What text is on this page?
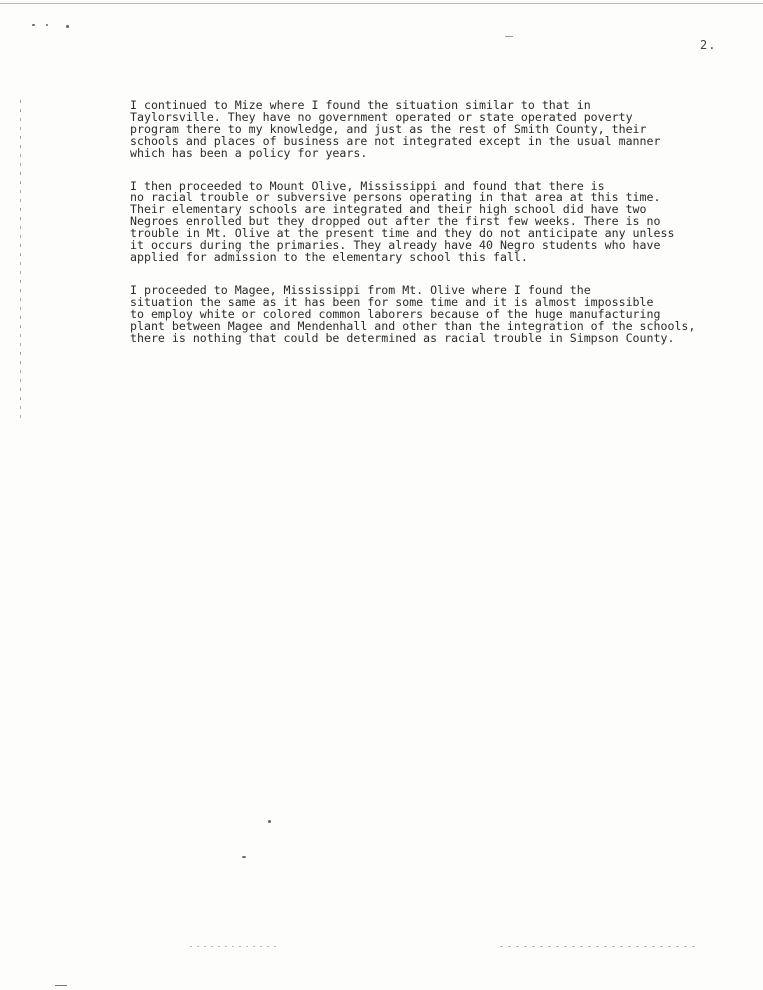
2.

I continued to Mize where I found the situation similar to that in
Taylorsville. They have no government operated or state operated poverty
program there to my knowledge, and just as the rest of Smith County, their
schools and places of business are not integrated except in the usual manner
which has been a policy for years.

I then proceeded to Mount Olive, Mississippi and found that there is
no racial trouble or subversive persons operating in that area at this time.
Their elementary schools are integrated and their high school did have two
Negroes enrolled but they dropped out after the first few weeks. There is no
trouble in Mt. Olive at the present time and they do not anticipate any unless
it occurs during the primaries. They already have 40 Negro students who have
applied for admission to the elementary school this fall.

I proceeded to Magee, Mississippi from Mt. Olive where I found the
situation the same as it has been for some time and it is almost impossible
to employ white or colored common laborers because of the huge manufacturing
plant between Magee and Mendenhall and other than the integration of the schools,
there is nothing that could be determined as racial trouble in Simpson County.
